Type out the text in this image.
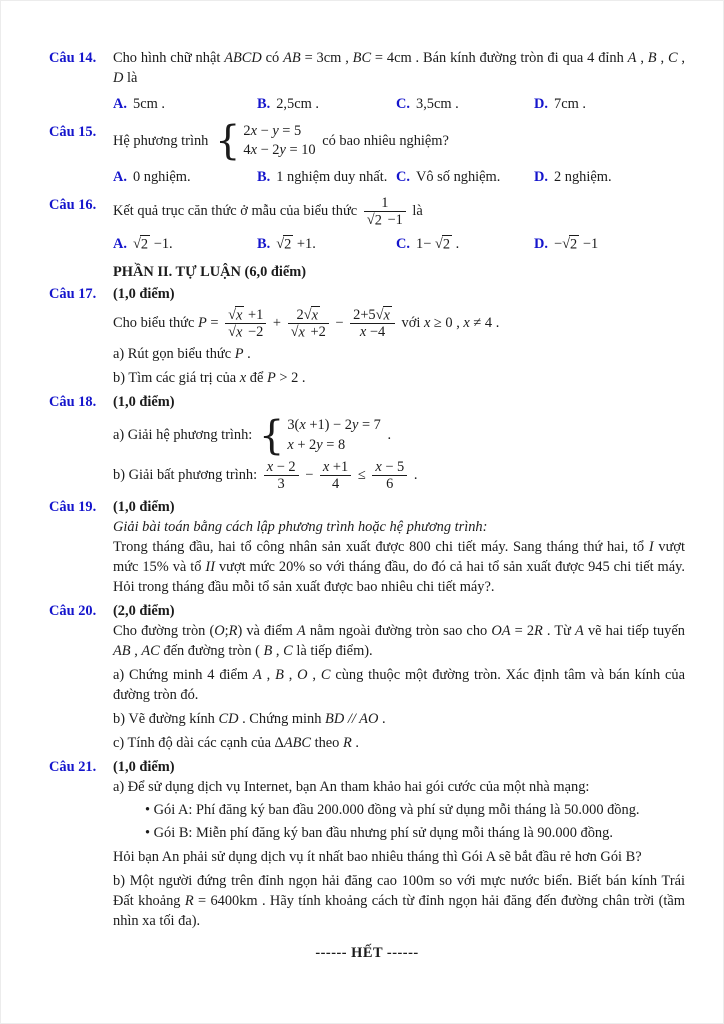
Câu 14.	Cho hình chữ nhật ABCD có AB = 3cm , BC = 4cm . Bán kính đường tròn đi qua 4 đỉnh A , B , C , D là
A. 5cm .	B. 2,5cm .	C. 3,5cm .	D. 7cm .
Câu 15.
Hệ phương trình { 2x − y = 5
4x − 2y = 10
có bao nhiêu nghiệm?
A. 0 nghiệm.	B. 1 nghiệm duy nhất. C. Vô số nghiệm.	D. 2 nghiệm.
Câu 16.	Kết quả trục căn thức ở mẫu của biểu thức $\frac{1}{√2 -1}$ là
A. √2 −1.	B. √2 +1.	C. 1− √2 .	D. −√2 −1
PHẦN II. TỰ LUẬN (6,0 điểm)
Câu 17.	(1,0 điểm)
Cho biểu thức $P = \frac{√x +1}{√x -2} + \frac{2√x}{√x +2} - \frac{2+5√x}{x -4}$ với x ≥ 0 , x ≠ 4 .
a) Rút gọn biểu thức P .
b) Tìm các giá trị của x để P > 2 .
Câu 18.	(1,0 điểm)
a) Giải hệ phương trình: { 3(x +1) − 2y = 7
x + 2y = 8
.
b) Giải bất phương trình: $\frac{x - 2}{3} - \frac{x +1}{4} \le \frac{x - 5}{6}$ .
Câu 19.	(1,0 điểm)
Giải bài toán bằng cách lập phương trình hoặc hệ phương trình:
Trong tháng đầu, hai tổ công nhân sản xuất được 800 chi tiết máy. Sang tháng thứ hai, tổ I vượt mức 15% và tổ II vượt mức 20% so với tháng đầu, do đó cả hai tổ sản xuất được 945 chi tiết máy. Hỏi trong tháng đầu mỗi tổ sản xuất được bao nhiêu chi tiết máy?.
Câu 20.	(2,0 điểm)
Cho đường tròn (O;R) và điểm A nằm ngoài đường tròn sao cho OA = 2R . Từ A vẽ hai tiếp tuyến AB , AC đến đường tròn ( B , C là tiếp điểm).
a) Chứng minh 4 điểm A , B , O , C cùng thuộc một đường tròn. Xác định tâm và bán kính của đường tròn đó.
b) Vẽ đường kính CD . Chứng minh BD // AO .
c) Tính độ dài các cạnh của ΔABC theo R .
Câu 21.	(1,0 điểm)
a) Để sử dụng dịch vụ Internet, bạn An tham khảo hai gói cước của một nhà mạng:
• Gói A: Phí đăng ký ban đầu 200.000 đồng và phí sử dụng mỗi tháng là 50.000 đồng.
• Gói B: Miễn phí đăng ký ban đầu nhưng phí sử dụng mỗi tháng là 90.000 đồng.
Hỏi bạn An phải sử dụng dịch vụ ít nhất bao nhiêu tháng thì Gói A sẽ bắt đầu rẻ hơn Gói B?
b) Một người đứng trên đỉnh ngọn hải đăng cao 100m so với mực nước biển. Biết bán kính Trái Đất khoảng R = 6400km . Hãy tính khoảng cách từ đỉnh ngọn hải đăng đến đường chân trời (tầm nhìn xa tối đa).
------ HẾT ------
